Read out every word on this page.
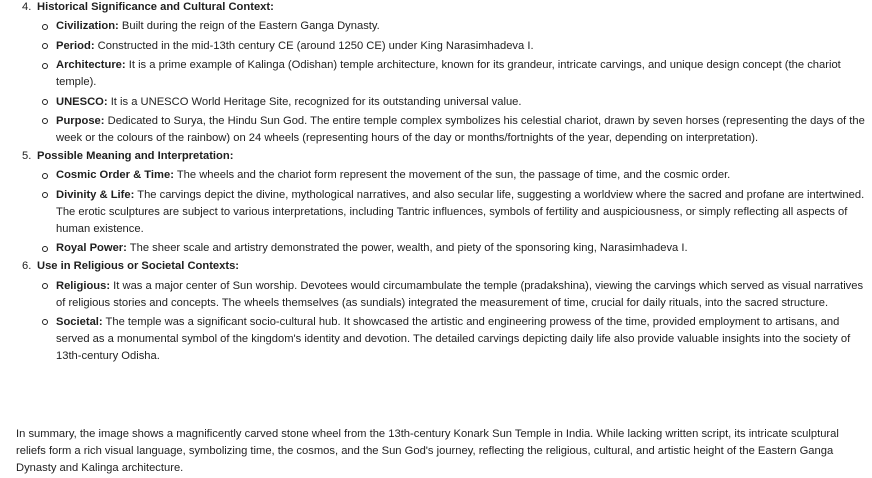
4. Historical Significance and Cultural Context:
Civilization: Built during the reign of the Eastern Ganga Dynasty.
Period: Constructed in the mid-13th century CE (around 1250 CE) under King Narasimhadeva I.
Architecture: It is a prime example of Kalinga (Odishan) temple architecture, known for its grandeur, intricate carvings, and unique design concept (the chariot temple).
UNESCO: It is a UNESCO World Heritage Site, recognized for its outstanding universal value.
Purpose: Dedicated to Surya, the Hindu Sun God. The entire temple complex symbolizes his celestial chariot, drawn by seven horses (representing the days of the week or the colours of the rainbow) on 24 wheels (representing hours of the day or months/fortnights of the year, depending on interpretation).
5. Possible Meaning and Interpretation:
Cosmic Order & Time: The wheels and the chariot form represent the movement of the sun, the passage of time, and the cosmic order.
Divinity & Life: The carvings depict the divine, mythological narratives, and also secular life, suggesting a worldview where the sacred and profane are intertwined. The erotic sculptures are subject to various interpretations, including Tantric influences, symbols of fertility and auspiciousness, or simply reflecting all aspects of human existence.
Royal Power: The sheer scale and artistry demonstrated the power, wealth, and piety of the sponsoring king, Narasimhadeva I.
6. Use in Religious or Societal Contexts:
Religious: It was a major center of Sun worship. Devotees would circumambulate the temple (pradakshina), viewing the carvings which served as visual narratives of religious stories and concepts. The wheels themselves (as sundials) integrated the measurement of time, crucial for daily rituals, into the sacred structure.
Societal: The temple was a significant socio-cultural hub. It showcased the artistic and engineering prowess of the time, provided employment to artisans, and served as a monumental symbol of the kingdom's identity and devotion. The detailed carvings depicting daily life also provide valuable insights into the society of 13th-century Odisha.

In summary, the image shows a magnificently carved stone wheel from the 13th-century Konark Sun Temple in India. While lacking written script, its intricate sculptural reliefs form a rich visual language, symbolizing time, the cosmos, and the Sun God's journey, reflecting the religious, cultural, and artistic height of the Eastern Ganga Dynasty and Kalinga architecture.
